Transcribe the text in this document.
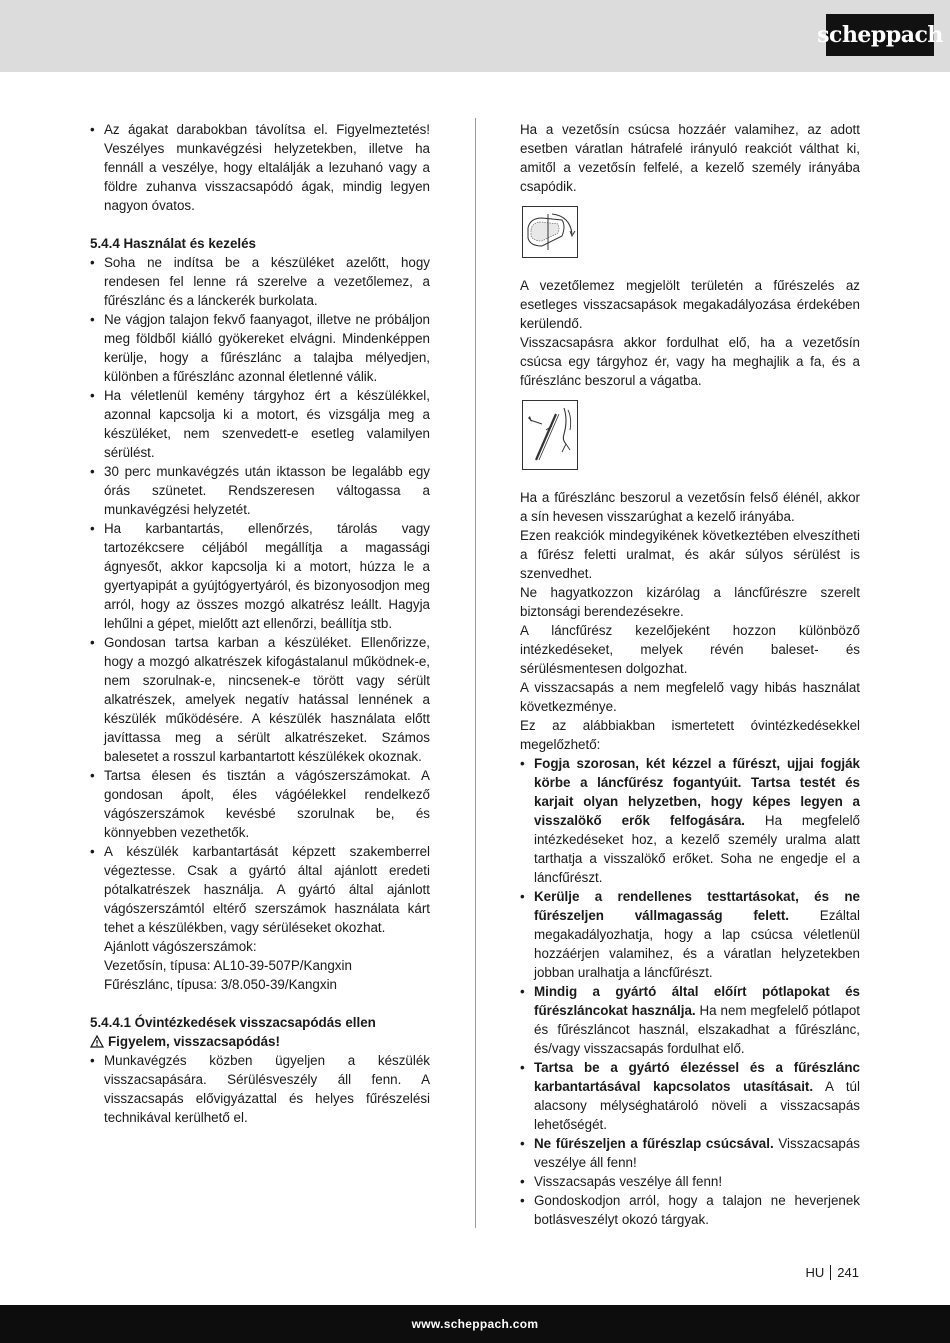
scheppach
• Az ágakat darabokban távolítsa el. Figyelmeztetés! Veszélyes munkavégzési helyzetekben, illetve ha fennáll a veszélye, hogy eltalálják a lezuhanó vagy a földre zuhanva visszacsapódó ágak, mindig legyen nagyon óvatos.
5.4.4 Használat és kezelés
• Soha ne indítsa be a készüléket azelőtt, hogy rendesen fel lenne rá szerelve a vezetőlemez, a fűrészlánc és a lánckerék burkolata.
• Ne vágjon talajon fekvő faanyagot, illetve ne próbáljon meg földből kiálló gyökereket elvágni. Mindenképpen kerülje, hogy a fűrészlánc a talajba mélyedjen, különben a fűrészlánc azonnal életlenné válik.
• Ha véletlenül kemény tárgyhoz ért a készülékkel, azonnal kapcsolja ki a motort, és vizsgálja meg a készüléket, nem szenvedett-e esetleg valamilyen sérülést.
• 30 perc munkavégzés után iktasson be legalább egy órás szünetet. Rendszeresen váltogassa a munkavégzési helyzetét.
• Ha karbantartás, ellenőrzés, tárolás vagy tartozékcsere céljából megállítja a magassági ágnyesőt, akkor kapcsolja ki a motort, húzza le a gyertyapipát a gyújtógyertyáról, és bizonyosodjon meg arról, hogy az összes mozgó alkatrész leállt. Hagyja lehűlni a gépet, mielőtt azt ellenőrzi, beállítja stb.
• Gondosan tartsa karban a készüléket. Ellenőrizze, hogy a mozgó alkatrészek kifogástalanul működnek-e, nem szorulnak-e, nincsenek-e törött vagy sérült alkatrészek, amelyek negatív hatással lennének a készülék működésére. A készülék használata előtt javíttassa meg a sérült alkatrészeket. Számos balesetet a rosszul karbantartott készülékek okoznak.
• Tartsa élesen és tisztán a vágószerszámokat. A gondosan ápolt, éles vágóélekkel rendelkező vágószerszámok kevésbé szorulnak be, és könnyebben vezethetők.
• A készülék karbantartását képzett szakemberrel végeztesse. Csak a gyártó által ajánlott eredeti pótalkatrészek használja. A gyártó által ajánlott vágószerszámtól eltérő szerszámok használata kárt tehet a készülékben, vagy sérüléseket okozhat.
Ajánlott vágószerszámok:
Vezetősín, típusa: AL10-39-507P/Kangxin
Fűrészlánc, típusa: 3/8.050-39/Kangxin
5.4.4.1 Óvintézkedések visszacsapódás ellen
Figyelem, visszacsapódás!
• Munkavégzés közben ügyeljen a készülék visszacsapására. Sérülésveszély áll fenn. A visszacsapás elővigyázattal és helyes fűrészelési technikával kerülhető el.
Ha a vezetősín csúcsa hozzáér valamihez, az adott esetben váratlan hátrafelé irányuló reakciót válthat ki, amitől a vezetősín felfelé, a kezelő személy irányába csapódik.
A vezetőlemez megjelölt területén a fűrészelés az esetleges visszacsapások megakadályozása érdekében kerülendő.
Visszacsapásra akkor fordulhat elő, ha a vezetősín csúcsa egy tárgyhoz ér, vagy ha meghajlik a fa, és a fűrészlánc beszorul a vágatba.
Ha a fűrészlánc beszorul a vezetősín felső élénél, akkor a sín hevesen visszarúghat a kezelő irányába.
Ezen reakciók mindegyikének következtében elveszítheti a fűrész feletti uralmat, és akár súlyos sérülést is szenvedhet.
Ne hagyatkozzon kizárólag a láncfűrészre szerelt biztonsági berendezésekre.
A láncfűrész kezelőjeként hozzon különböző intézkedéseket, melyek révén baleset- és sérülésmentesen dolgozhat.
A visszacsapás a nem megfelelő vagy hibás használat következménye.
Ez az alábbiakban ismertetett óvintézkedésekkel megelőzhető:
• Fogja szorosan, két kézzel a fűrészt, ujjai fogják körbe a láncfűrész fogantyúit. Tartsa testét és karjait olyan helyzetben, hogy képes legyen a visszalökő erők felfogására. Ha megfelelő intézkedéseket hoz, a kezelő személy uralma alatt tarthatja a visszalökő erőket. Soha ne engedje el a láncfűrészt.
• Kerülje a rendellenes testtartásokat, és ne fűrészeljen vállmagasság felett. Ezáltal megakadályozhatja, hogy a lap csúcsa véletlenül hozzáérjen valamihez, és a váratlan helyzetekben jobban uralhatja a láncfűrészt.
• Mindig a gyártó által előírt pótlapokat és fűrészláncokat használja. Ha nem megfelelő pótlapot és fűrészláncot használ, elszakadhat a fűrészlánc, és/vagy visszacsapás fordulhat elő.
• Tartsa be a gyártó élezéssel és a fűrészlánc karbantartásával kapcsolatos utasításait. A túl alacsony mélységhatároló növeli a visszacsapás lehetőségét.
• Ne fűrészeljen a fűrészlap csúcsával. Visszacsapás veszélye áll fenn!
• Visszacsapás veszélye áll fenn!
• Gondoskodjon arról, hogy a talajon ne heverjenek botlásveszélyt okozó tárgyak.
HU 241
www.scheppach.com
